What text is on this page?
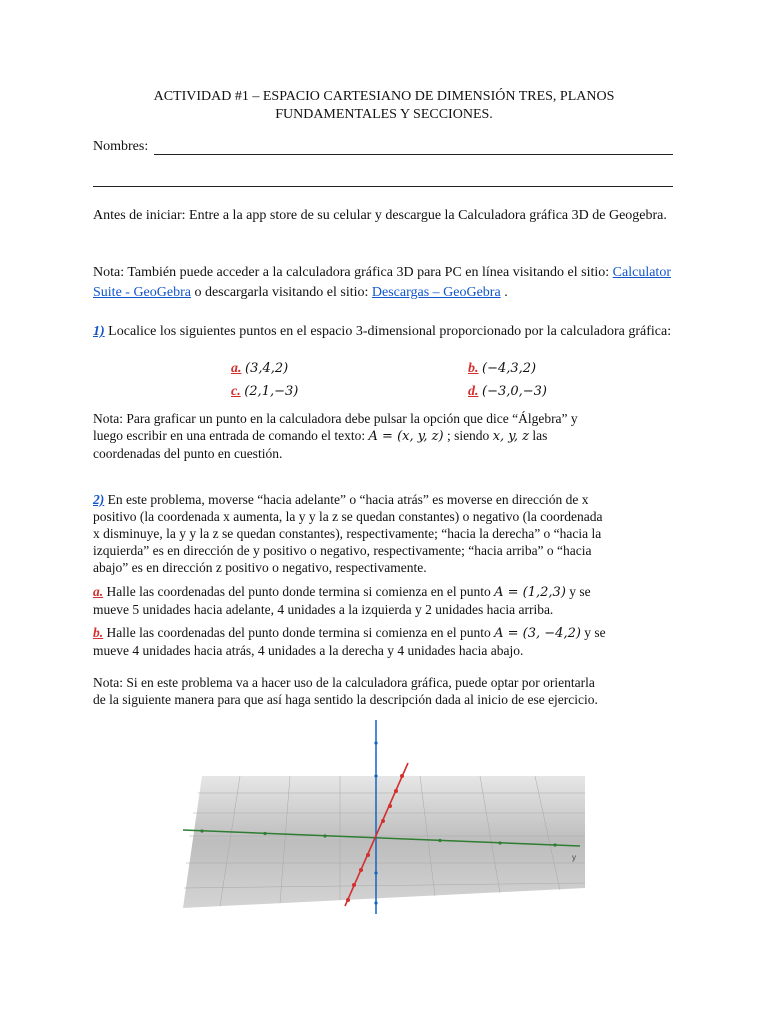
ACTIVIDAD #1 – ESPACIO CARTESIANO DE DIMENSIÓN TRES, PLANOS
FUNDAMENTALES Y SECCIONES.
Nombres:
Antes de iniciar: Entre a la app store de su celular y descargue la Calculadora gráfica 3D de Geogebra.
Nota: También puede acceder a la calculadora gráfica 3D para PC en línea visitando el sitio: Calculator Suite - GeoGebra o descargarla visitando el sitio: Descargas – GeoGebra .
1) Localice los siguientes puntos en el espacio 3-dimensional proporcionado por la calculadora gráfica:
a. (3,4,2)	b. (−4,3,2)
c. (2,1,−3)	d. (−3,0,−3)
Nota: Para graficar un punto en la calculadora debe pulsar la opción que dice “Álgebra” y
luego escribir en una entrada de comando el texto: A = (x, y, z) ; siendo x, y, z las
coordenadas del punto en cuestión.
2) En este problema, moverse “hacia adelante” o “hacia atrás” es moverse en dirección de x
positivo (la coordenada x aumenta, la y y la z se quedan constantes) o negativo (la coordenada
x disminuye, la y y la z se quedan constantes), respectivamente; “hacia la derecha” o “hacia la
izquierda” es en dirección de y positivo o negativo, respectivamente; “hacia arriba” o “hacia
abajo” es en dirección z positivo o negativo, respectivamente.
a. Halle las coordenadas del punto donde termina si comienza en el punto A = (1,2,3) y se
mueve 5 unidades hacia adelante, 4 unidades a la izquierda y 2 unidades hacia arriba.
b. Halle las coordenadas del punto donde termina si comienza en el punto A = (3, −4,2) y se
mueve 4 unidades hacia atrás, 4 unidades a la derecha y 4 unidades hacia abajo.
Nota: Si en este problema va a hacer uso de la calculadora gráfica, puede optar por orientarla
de la siguiente manera para que así haga sentido la descripción dada al inicio de ese ejercicio.
y
